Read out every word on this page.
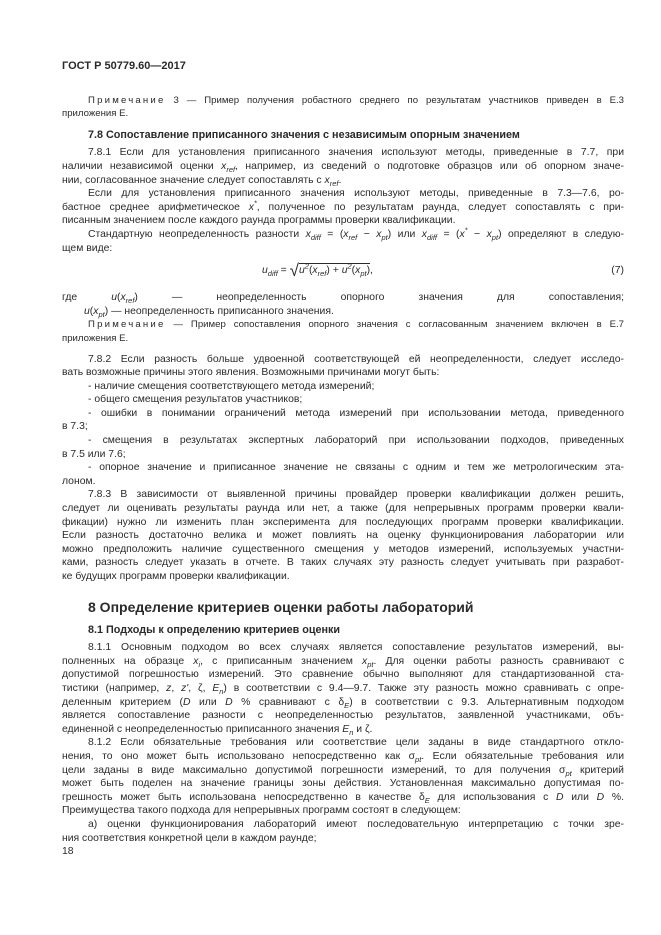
ГОСТ Р 50779.60—2017
Примечание 3 — Пример получения робастного среднего по результатам участников приведен в Е.3
приложения Е.
7.8 Сопоставление приписанного значения с независимым опорным значением
7.8.1 Если для установления приписанного значения используют методы, приведенные в 7.7, при
наличии независимой оценки $x_{ref}$, например, из сведений о подготовке образцов или об опорном значе-
нии, согласованное значение следует сопоставлять с $x_{ref}$.
Если для установления приписанного значения используют методы, приведенные в 7.3—7.6, ро-
бастное среднее арифметическое x*, полученное по результатам раунда, следует сопоставлять с при-
писанным значением после каждого раунда программы проверки квалификации.
Стандартную неопределенность разности $x_{diff} = (x_{ref} - x_{pt})$ или $x_{diff} = (x^* - x_{pt})$ определяют в следую-
щем виде:
$u_{diff} = √u^2(x_{ref}) + u^2(x_{pt})$,	(7)
где $u(x_{ref})$ — неопределенность опорного значения для сопоставления;
$u(x_{pt})$ — неопределенность приписанного значения.
Примечание — Пример сопоставления опорного значения с согласованным значением включен в Е.7
приложения Е.
7.8.2 Если разность больше удвоенной соответствующей ей неопределенности, следует исследо-
вать возможные причины этого явления. Возможными причинами могут быть:
- наличие смещения соответствующего метода измерений;
- общего смещения результатов участников;
- ошибки в понимании ограничений метода измерений при использовании метода, приведенного
в 7.3;
- смещения в результатах экспертных лабораторий при использовании подходов, приведенных
в 7.5 или 7.6;
- опорное значение и приписанное значение не связаны с одним и тем же метрологическим эта-
лоном.
7.8.3 В зависимости от выявленной причины провайдер проверки квалификации должен решить,
следует ли оценивать результаты раунда или нет, а также (для непрерывных программ проверки квали-
фикации) нужно ли изменить план эксперимента для последующих программ проверки квалификации.
Если разность достаточно велика и может повлиять на оценку функционирования лаборатории или
можно предположить наличие существенного смещения у методов измерений, используемых участни-
ками, разность следует указать в отчете. В таких случаях эту разность следует учитывать при разработ-
ке будущих программ проверки квалификации.
8 Определение критериев оценки работы лабораторий
8.1 Подходы к определению критериев оценки
8.1.1 Основным подходом во всех случаях является сопоставление результатов измерений, вы-
полненных на образце $x_i$, с приписанным значением $x_{pt}$. Для оценки работы разность сравнивают с
допустимой погрешностью измерений. Это сравнение обычно выполняют для стандартизованной ста-
тистики (например, z, z', ζ, $E_n$) в соответствии с 9.4—9.7. Также эту разность можно сравнивать с опре-
деленным критерием (D или D % сравнивают с $\delta_E$) в соответствии с 9.3. Альтернативным подходом
является сопоставление разности с неопределенностью результатов, заявленной участниками, объ-
единенной с неопределенностью приписанного значения $E_n$ и ζ.
8.1.2 Если обязательные требования или соответствие цели заданы в виде стандартного откло-
нения, то оно может быть использовано непосредственно как $\sigma_{pt}$. Если обязательные требования или
цели заданы в виде максимально допустимой погрешности измерений, то для получения $\sigma_{pt}$ критерий
может быть поделен на значение границы зоны действия. Установленная максимально допустимая по-
грешность может быть использована непосредственно в качестве $\delta_E$ для использования с D или D %.
Преимущества такого подхода для непрерывных программ состоят в следующем:
а) оценки функционирования лабораторий имеют последовательную интерпретацию с точки зре-
ния соответствия конкретной цели в каждом раунде;
18
